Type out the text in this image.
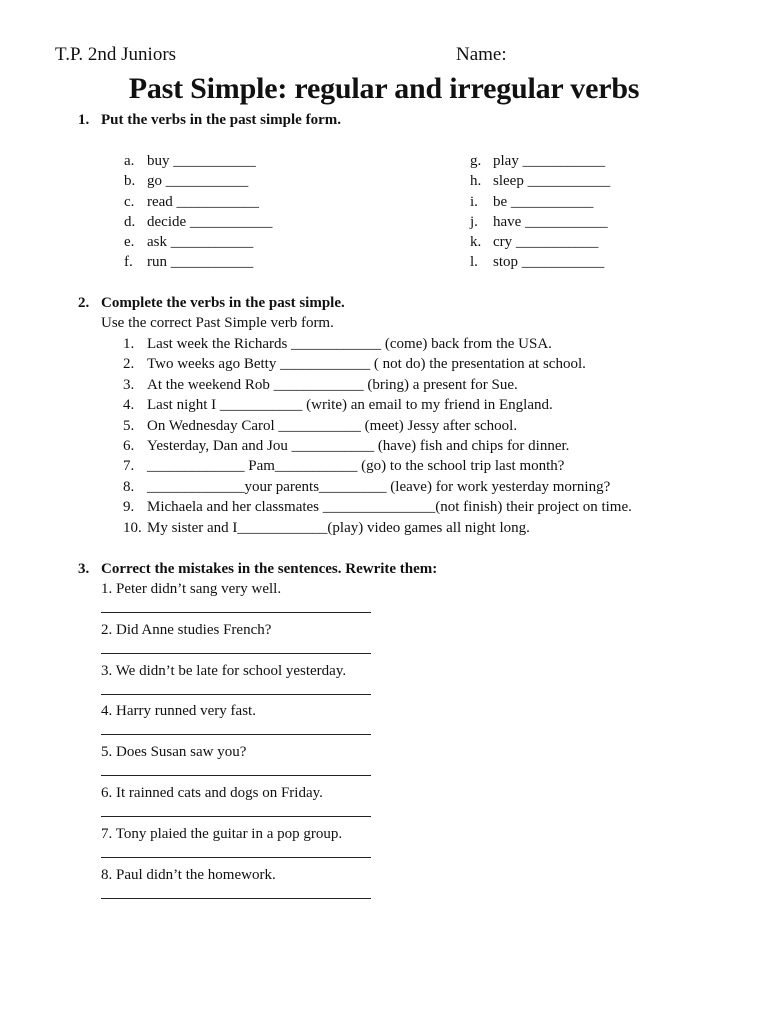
T.P. 2nd Juniors	Name:
Past Simple: regular and irregular verbs
1. Put the verbs in the past simple form.
a. buy ___________
b. go ___________
c. read ___________
d. decide ___________
e. ask ___________
f. run ___________
g. play ___________
h. sleep ___________
i. be ___________
j. have ___________
k. cry ___________
l. stop ___________
2. Complete the verbs in the past simple.
Use the correct Past Simple verb form.
1. Last week the Richards ____________ (come) back from the USA.
2. Two weeks ago Betty ____________ ( not do) the presentation at school.
3. At the weekend Rob ____________ (bring) a present for Sue.
4. Last night I ___________ (write) an email to my friend in England.
5. On Wednesday Carol ___________ (meet) Jessy after school.
6. Yesterday, Dan and Jou ___________ (have) fish and chips for dinner.
7. _____________ Pam___________ (go) to the school trip last month?
8. _____________your parents_________ (leave) for work yesterday morning?
9. Michaela and her classmates _______________(not finish) their project on time.
10. My sister and I____________(play) video games all night long.
3. Correct the mistakes in the sentences. Rewrite them:
1. Peter didn’t sang very well.
2. Did Anne studies French?
3. We didn’t be late for school yesterday.
4. Harry runned very fast.
5. Does Susan saw you?
6. It rainned cats and dogs on Friday.
7. Tony plaied the guitar in a pop group.
8. Paul didn’t the homework.
